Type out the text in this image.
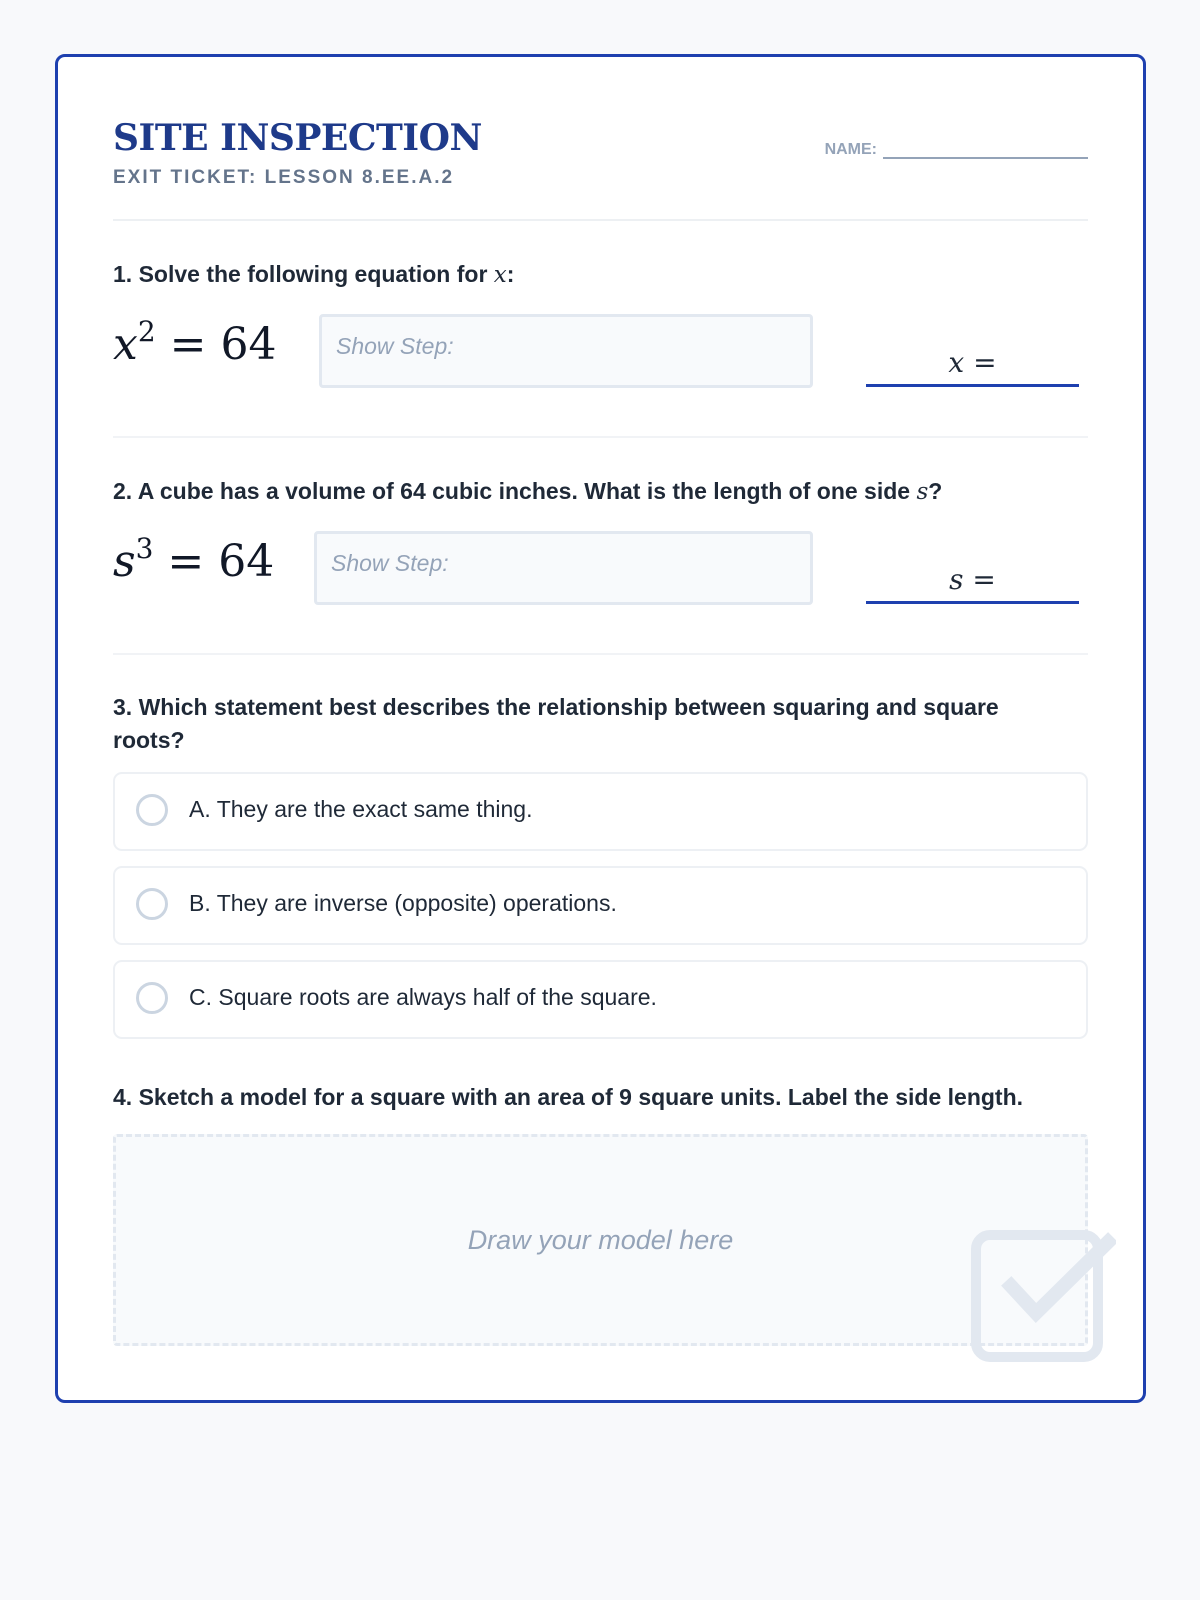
SITE INSPECTION
EXIT TICKET: LESSON 8.EE.A.2
NAME:
1. Solve the following equation for x:
$x^2 = 64$	Show Step:	x =
2. A cube has a volume of 64 cubic inches. What is the length of one side s?
$s^3 = 64$	Show Step:	s =
3. Which statement best describes the relationship between squaring and square roots?
A. They are the exact same thing.
B. They are inverse (opposite) operations.
C. Square roots are always half of the square.
4. Sketch a model for a square with an area of 9 square units. Label the side length.
Draw your model here
